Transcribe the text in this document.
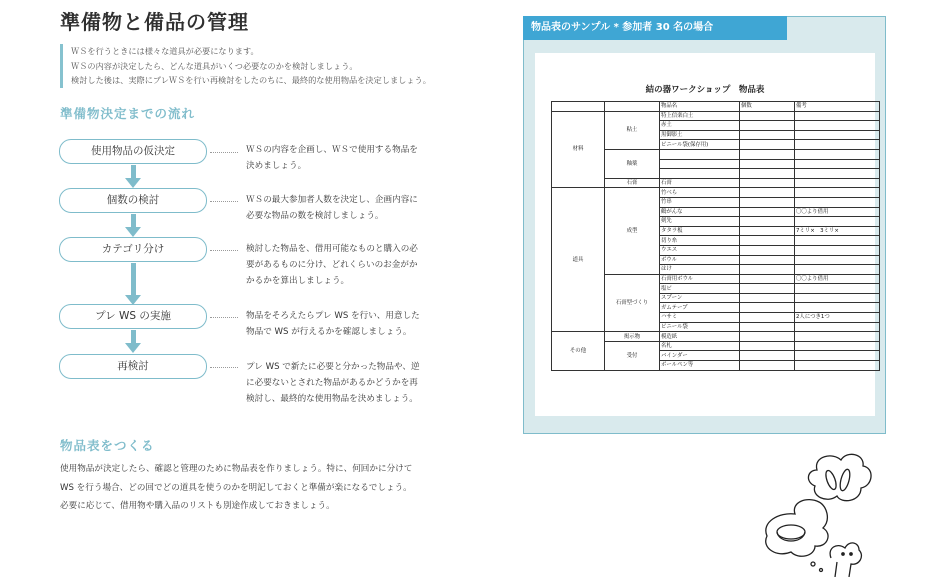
準備物と備品の管理
ＷＳを行うときには様々な道具が必要になります。
ＷＳの内容が決定したら、どんな道具がいくつ必要なのかを検討しましょう。
検討した後は、実際にプレＷＳを行い再検討をしたのちに、最終的な使用物品を決定しましょう。
準備物決定までの流れ
使用物品の仮決定	ＷＳの内容を企画し、ＷＳで使用する物品を決めましょう。
個数の検討	ＷＳの最大参加者人数を決定し、企画内容に必要な物品の数を検討しましょう。
カテゴリ分け	検討した物品を、借用可能なものと購入の必要があるものに分け、どれくらいのお金がかかるかを算出しましょう。
プレ WS の実施	物品をそろえたらプレ WS を行い、用意した物品で WS が行えるかを確認しましょう。
再検討	プレ WS で新たに必要と分かった物品や、逆に必要ないとされた物品があるかどうかを再検討し、最終的な使用物品を決めましょう。
物品表をつくる
使用物品が決定したら、確認と管理のために物品表を作りましょう。特に、何回かに分けて
WS を行う場合、どの回でどの道具を使うのかを明記しておくと準備が楽になるでしょう。
必要に応じて、借用物や購入品のリストも別途作成しておきましょう。
物品表のサンプル * 参加者 30 名の場合
結の器ワークショップ　物品表
		物品名	個数	備考
材料	粘土	特上信楽白土		
		赤土		
		黒御影土		
		ビニール袋(保存用)		
	釉薬			

	石膏	石膏		
道具	成型	竹べら		
		竹串		
		鶴がんな		〇〇より借用
		剣先		
		タタラ板		7ミリ×　3ミリ×
		切り糸		
		ウエス		
		ボウル		
		はけ		
	石膏型づくり	石膏用ボウル		〇〇より借用
		塩ビ		
		スプーン		
		ガムテープ		
		ハサミ		2人につき1つ
		ビニール袋		
その他	掲示物	模造紙		
	受付	名札		
		バインダー		
		ボールペン等		
